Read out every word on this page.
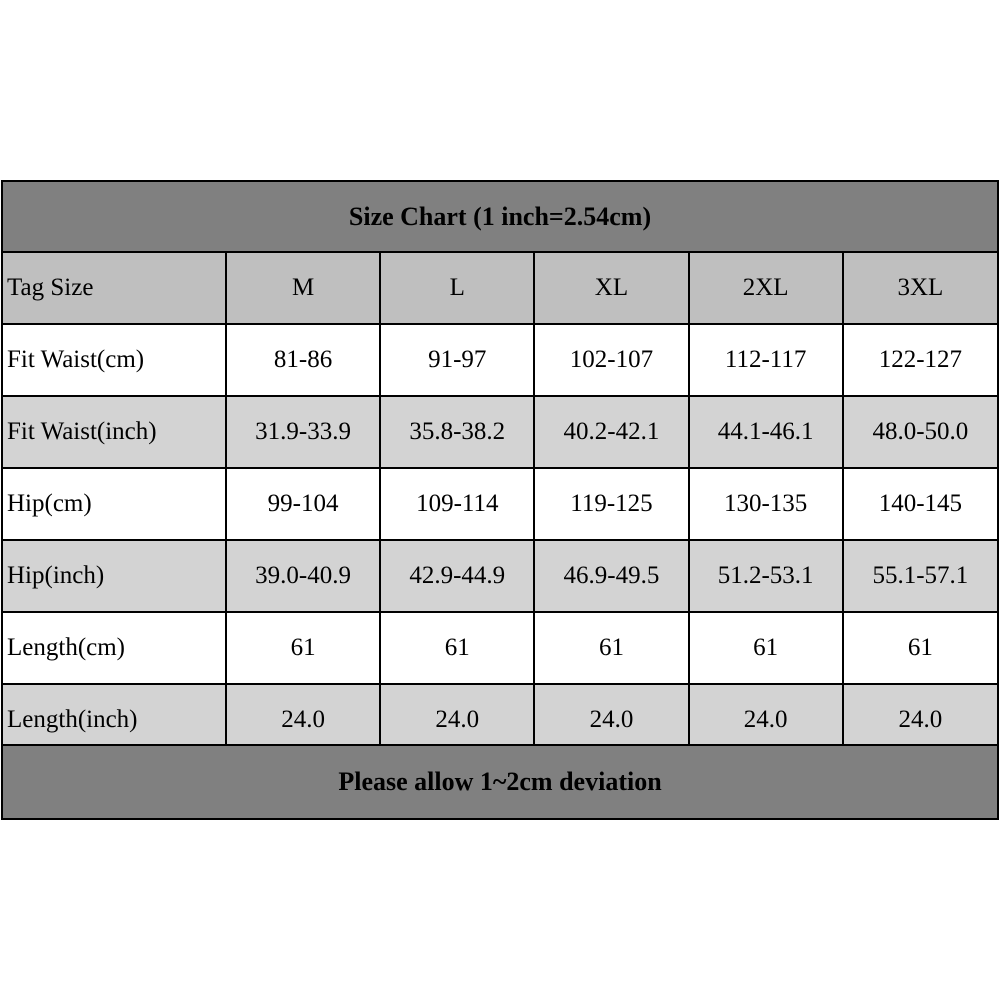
Size Chart (1 inch=2.54cm)
Tag Size	M	L	XL	2XL	3XL
Fit Waist(cm)	81-86	91-97	102-107	112-117	122-127
Fit Waist(inch)	31.9-33.9	35.8-38.2	40.2-42.1	44.1-46.1	48.0-50.0
Hip(cm)	99-104	109-114	119-125	130-135	140-145
Hip(inch)	39.0-40.9	42.9-44.9	46.9-49.5	51.2-53.1	55.1-57.1
Length(cm)	61	61	61	61	61
Length(inch)	24.0	24.0	24.0	24.0	24.0
Please allow 1~2cm deviation
